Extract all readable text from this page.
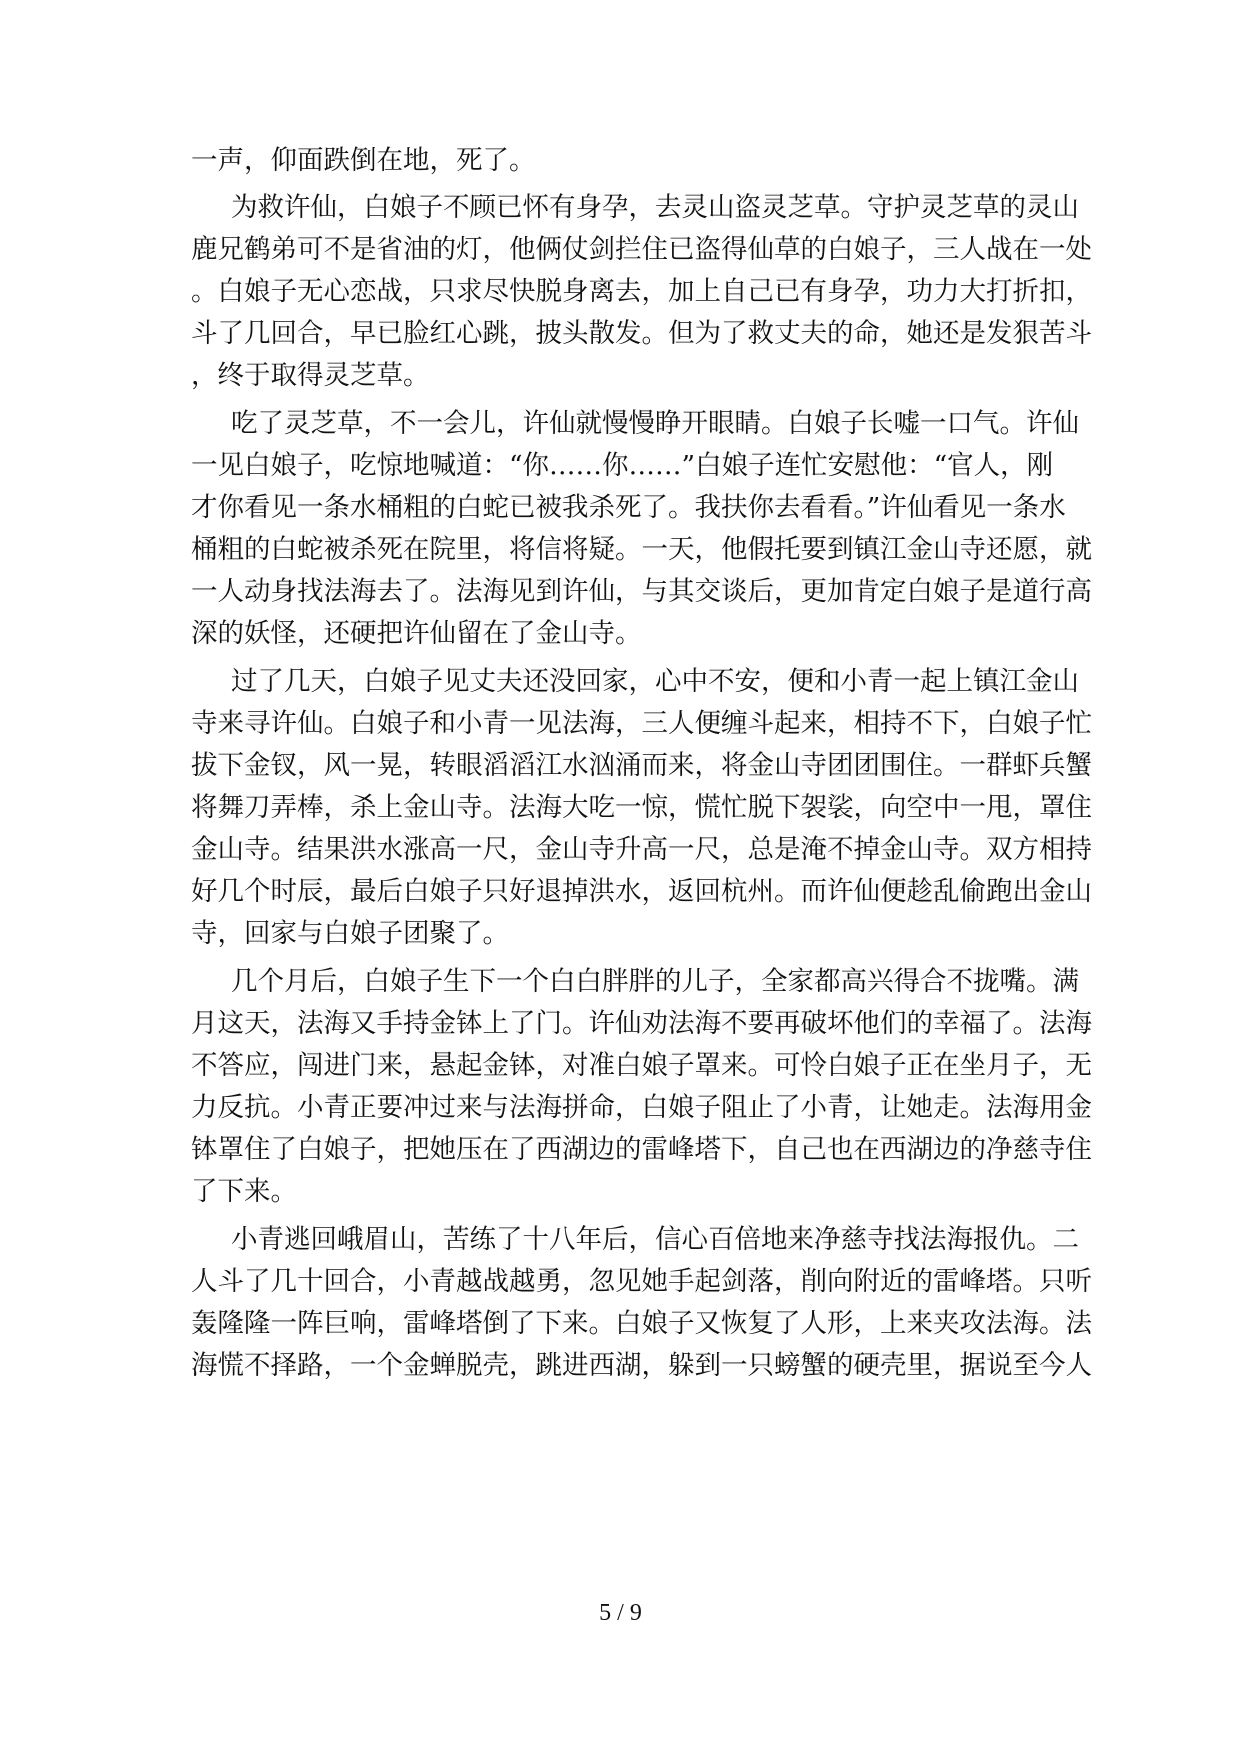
一声，仰面跌倒在地，死了。
为救许仙，白娘子不顾已怀有身孕，去灵山盗灵芝草。守护灵芝草的灵山
鹿兄鹤弟可不是省油的灯，他俩仗剑拦住已盗得仙草的白娘子，三人战在一处
。白娘子无心恋战，只求尽快脱身离去，加上自己已有身孕，功力大打折扣，
斗了几回合，早已脸红心跳，披头散发。但为了救丈夫的命，她还是发狠苦斗
，终于取得灵芝草。
吃了灵芝草，不一会儿，许仙就慢慢睁开眼睛。白娘子长嘘一口气。许仙
一见白娘子，吃惊地喊道：“你……你……”白娘子连忙安慰他：“官人，刚
才你看见一条水桶粗的白蛇已被我杀死了。我扶你去看看。”许仙看见一条水
桶粗的白蛇被杀死在院里，将信将疑。一天，他假托要到镇江金山寺还愿，就
一人动身找法海去了。法海见到许仙，与其交谈后，更加肯定白娘子是道行高
深的妖怪，还硬把许仙留在了金山寺。
过了几天，白娘子见丈夫还没回家，心中不安，便和小青一起上镇江金山
寺来寻许仙。白娘子和小青一见法海，三人便缠斗起来，相持不下，白娘子忙
拔下金钗，风一晃，转眼滔滔江水汹涌而来，将金山寺团团围住。一群虾兵蟹
将舞刀弄棒，杀上金山寺。法海大吃一惊，慌忙脱下袈裟，向空中一甩，罩住
金山寺。结果洪水涨高一尺，金山寺升高一尺，总是淹不掉金山寺。双方相持
好几个时辰，最后白娘子只好退掉洪水，返回杭州。而许仙便趁乱偷跑出金山
寺，回家与白娘子团聚了。
几个月后，白娘子生下一个白白胖胖的儿子，全家都高兴得合不拢嘴。满
月这天，法海又手持金钵上了门。许仙劝法海不要再破坏他们的幸福了。法海
不答应，闯进门来，悬起金钵，对准白娘子罩来。可怜白娘子正在坐月子，无
力反抗。小青正要冲过来与法海拼命，白娘子阻止了小青，让她走。法海用金
钵罩住了白娘子，把她压在了西湖边的雷峰塔下，自己也在西湖边的净慈寺住
了下来。
小青逃回峨眉山，苦练了十八年后，信心百倍地来净慈寺找法海报仇。二
人斗了几十回合，小青越战越勇，忽见她手起剑落，削向附近的雷峰塔。只听
轰隆隆一阵巨响，雷峰塔倒了下来。白娘子又恢复了人形，上来夹攻法海。法
海慌不择路，一个金蝉脱壳，跳进西湖，躲到一只螃蟹的硬壳里，据说至今人
5 / 9
